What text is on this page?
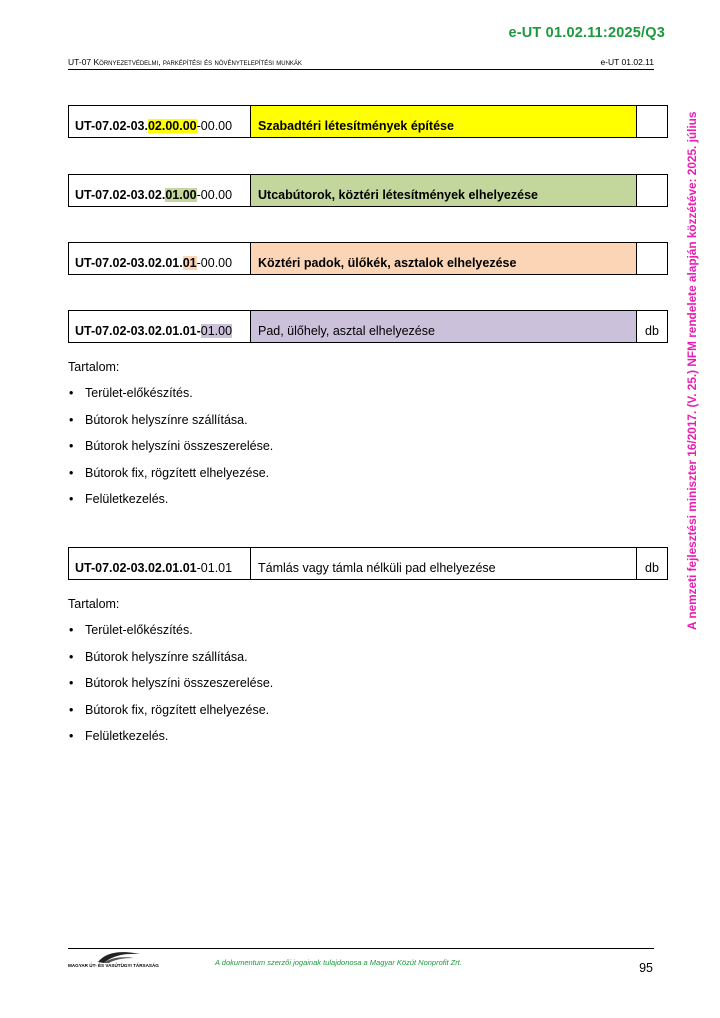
e-UT 01.02.11:2025/Q3
UT-07 Környezetvédelmi, parképítési és növénytelepítési munkák	e-UT 01.02.11
UT-07.02-03.02.00.00-00.00	Szabadtéri létesítmények építése	
UT-07.02-03.02.01.00-00.00	Utcabútorok, köztéri létesítmények elhelyezése	
UT-07.02-03.02.01.01-00.00	Köztéri padok, ülőkék, asztalok elhelyezése	
UT-07.02-03.02.01.01-01.00	Pad, ülőhely, asztal elhelyezése	db

Tartalom:

• Terület-előkészítés.
• Bútorok helyszínre szállítása.
• Bútorok helyszíni összeszerelése.
• Bútorok fix, rögzített elhelyezése.
• Felületkezelés.
UT-07.02-03.02.01.01-01.01	Támlás vagy támla nélküli pad elhelyezése	db

Tartalom:

• Terület-előkészítés.
• Bútorok helyszínre szállítása.
• Bútorok helyszíni összeszerelése.
• Bútorok fix, rögzített elhelyezése.
• Felületkezelés.
A nemzeti fejlesztési miniszter 16/2017. (V. 25.) NFM rendelete alapján közzétéve: 2025. július
MAGYAR ÚT- ÉS VASÚTÜGYI TÁRSASÁG	A dokumentum szerzői jogainak tulajdonosa a Magyar Közút Nonprofit Zrt.	95
